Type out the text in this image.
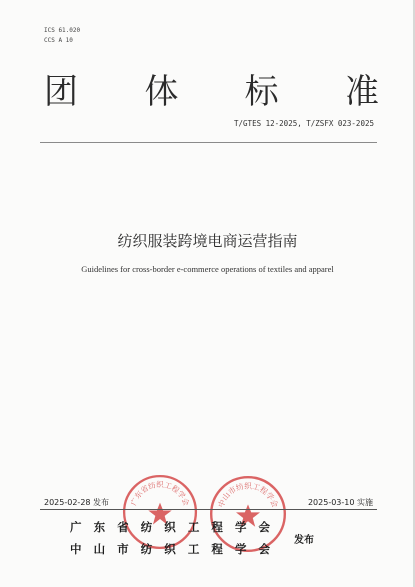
ICS 61.020
CCS A 10
团 体 标 准
T/GTES 12-2025, T/ZSFX 023-2025
纺织服装跨境电商运营指南
Guidelines for cross-border e-commerce operations of textiles and apparel
广东省纺织工程学会	中山市纺织工程学会
2025-02-28 发布	2025-03-10 实施
广 东 省 纺 织 工 程 学 会
中 山 市 纺 织 工 程 学 会
发布
